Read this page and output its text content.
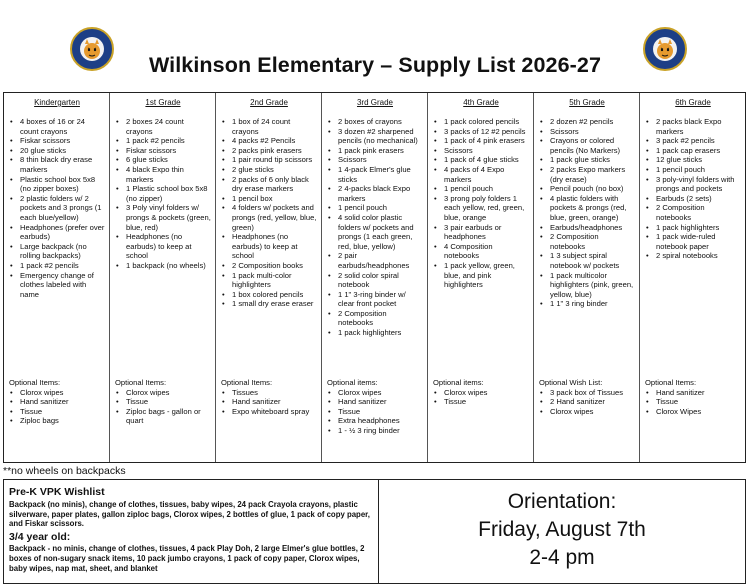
Wilkinson Elementary – Supply List 2026-27
Kindergarten
• 4 boxes of 16 or 24 count crayons
• Fiskar scissors
• 20 glue sticks
• 8 thin black dry erase markers
• Plastic school box 5x8 (no zipper boxes)
• 2 plastic folders w/ 2 pockets and 3 prongs (1 each blue/yellow)
• Headphones (prefer over earbuds)
• Large backpack (no rolling backpacks)
• 1 pack #2 pencils
• Emergency change of clothes labeled with name
Optional Items:
• Clorox wipes
• Hand sanitizer
• Tissue
• Ziploc bags
1st Grade
• 2 boxes 24 count crayons
• 1 pack #2 pencils
• Fiskar scissors
• 6 glue sticks
• 4 black Expo thin markers
• 1 Plastic school box 5x8 (no zipper)
• 3 Poly vinyl folders w/ prongs & pockets (green, blue, red)
• Headphones (no earbuds) to keep at school
• 1 backpack (no wheels)
Optional Items:
• Clorox wipes
• Tissue
• Ziploc bags - gallon or quart
2nd Grade
• 1 box of 24 count crayons
• 4 packs #2 Pencils
• 2 packs pink erasers
• 1 pair round tip scissors
• 2 glue sticks
• 2 packs of 6 only black dry erase markers
• 1 pencil box
• 4 folders w/ pockets and prongs (red, yellow, blue, green)
• Headphones (no earbuds) to keep at school
• 2 Composition books
• 1 pack multi-color highlighters
• 1 box colored pencils
• 1 small dry erase eraser
Optional Items:
• Tissues
• Hand sanitizer
• Expo whiteboard spray
3rd Grade
• 2 boxes of crayons
• 3 dozen #2 sharpened pencils (no mechanical)
• 1 pack pink erasers
• Scissors
• 1 4-pack Elmer's glue sticks
• 2 4-packs black Expo markers
• 1 pencil pouch
• 4 solid color plastic folders w/ pockets and prongs (1 each green, red, blue, yellow)
• 2 pair earbuds/headphones
• 2 solid color spiral notebook
• 1 1" 3-ring binder w/ clear front pocket
• 2 Composition notebooks
• 1 pack highlighters
Optional items:
• Clorox wipes
• Hand sanitizer
• Tissue
• Extra headphones
• 1 - ½ 3 ring binder
4th Grade
• 1 pack colored pencils
• 3 packs of 12 #2 pencils
• 1 pack of 4 pink erasers
• Scissors
• 1 pack of 4 glue sticks
• 4 packs of 4 Expo markers
• 1 pencil pouch
• 3 prong poly folders 1 each yellow, red, green, blue, orange
• 3 pair earbuds or headphones
• 4 Composition notebooks
• 1 pack yellow, green, blue, and pink highlighters
Optional items:
• Clorox wipes
• Tissue
5th Grade
• 2 dozen #2 pencils
• Scissors
• Crayons or colored pencils (No Markers)
• 1 pack glue sticks
• 2 packs Expo markers (dry erase)
• Pencil pouch (no box)
• 4 plastic folders with pockets & prongs (red, blue, green, orange)
• Earbuds/headphones
• 2 Composition notebooks
• 1 3 subject spiral notebook w/ pockets
• 1 pack multicolor highlighters (pink, green, yellow, blue)
• 1 1" 3 ring binder
Optional Wish List:
• 3 pack box of Tissues
• 2 Hand sanitizer
• Clorox wipes
6th Grade
• 2 packs black Expo markers
• 3 pack #2 pencils
• 1 pack cap erasers
• 12 glue sticks
• 1 pencil pouch
• 3 poly-vinyl folders with prongs and pockets
• Earbuds (2 sets)
• 2 Composition notebooks
• 1 pack highlighters
• 1 pack wide-ruled notebook paper
• 2 spiral notebooks
Optional Items:
• Hand sanitizer
• Tissue
• Clorox Wipes
**no wheels on backpacks
Pre-K VPK Wishlist
Backpack (no minis), change of clothes, tissues, baby wipes, 24 pack Crayola crayons, plastic silverware, paper plates, gallon ziploc bags, Clorox wipes, 2 bottles of glue, 1 pack of copy paper, and Fiskar scissors.
3/4 year old:
Backpack - no minis, change of clothes, tissues, 4 pack Play Doh, 2 large Elmer's glue bottles, 2 boxes of non-sugary snack items, 10 pack jumbo crayons, 1 pack of copy paper, Clorox wipes, baby wipes, nap mat, sheet, and blanket
Orientation:
Friday, August 7th
2-4 pm
